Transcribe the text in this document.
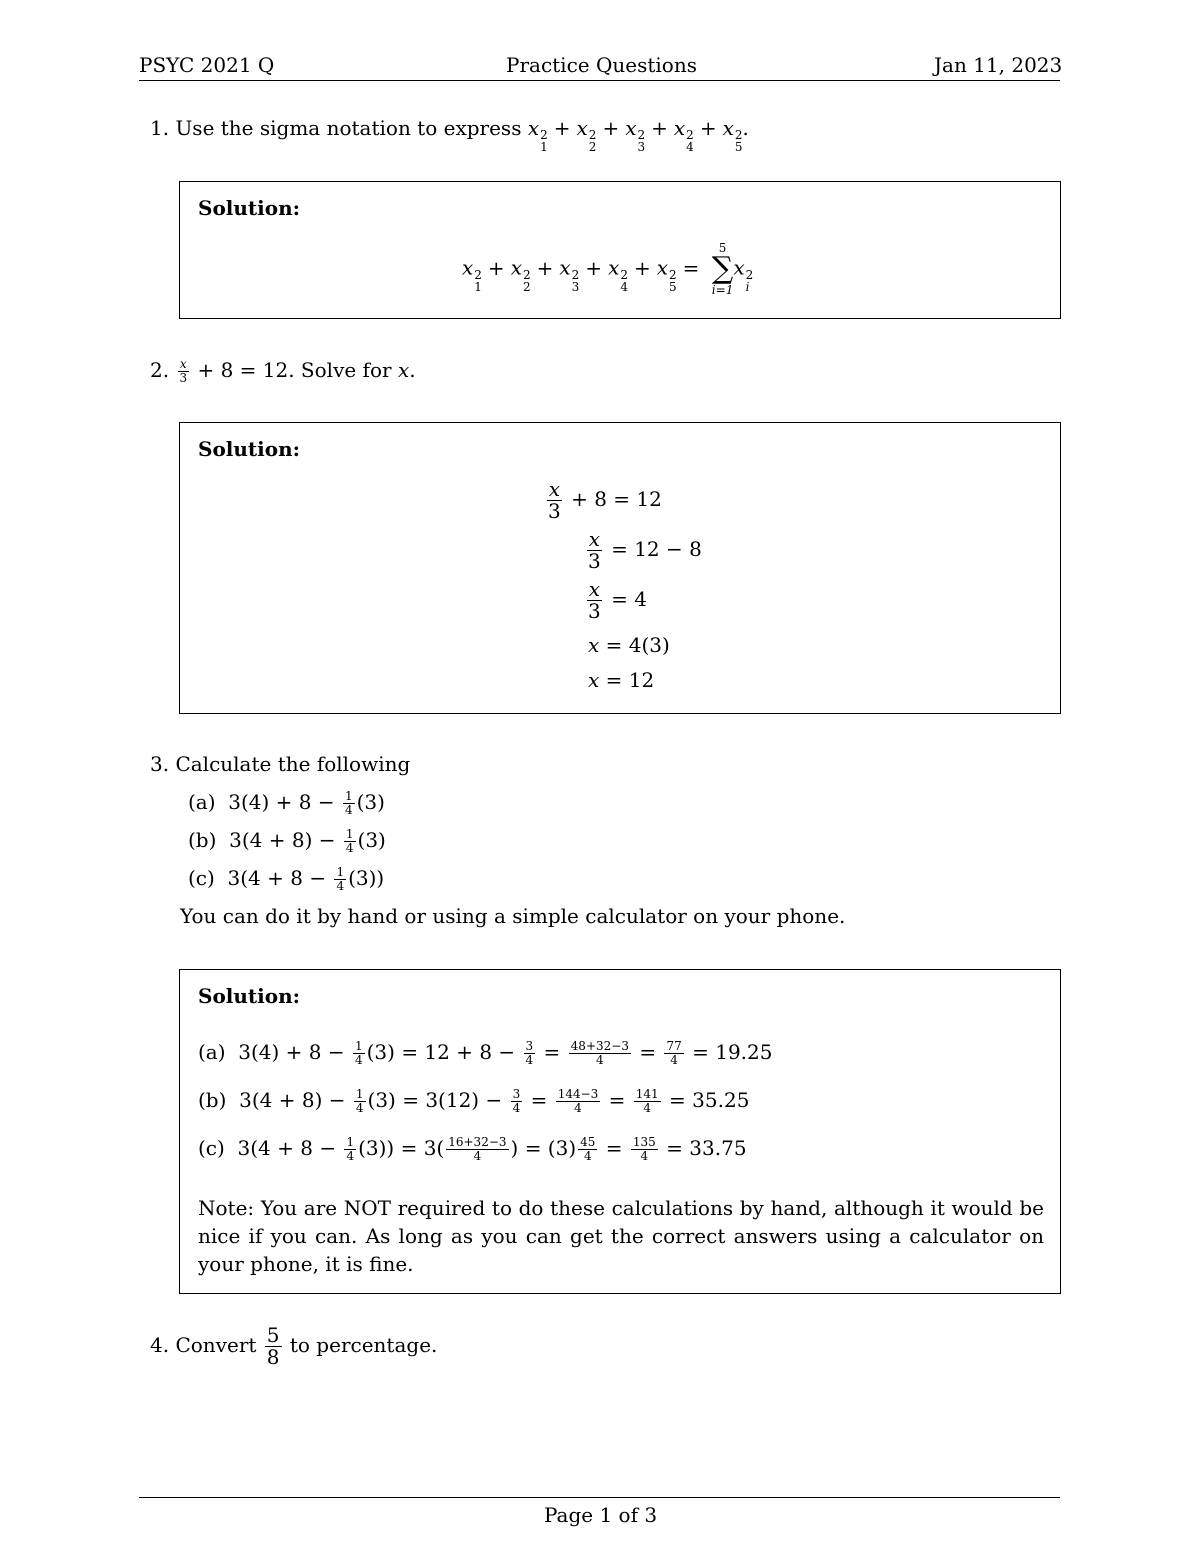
PSYC 2021 Q	Practice Questions	Jan 11, 2023
1. Use the sigma notation to express x 2
1
+ x 2
2
+ x 2
3
+ x 2
4
+ x 2
5
.
Solution:
x 2
1
+ x 2
2
+ x 2
3
+ x 2
4
+ x 2
5
=
5
∑
i=1
x 2
i
2. $\frac{x}{3} + 8 = 12$. Solve for x.
Solution:
$\frac{x}{3} + 8 = 12$
$\frac{x}{3} = 12 - 8$
$\frac{x}{3} = 4$
x = 4(3)
x = 12
3. Calculate the following
(a)  $3(4) + 8 - \frac{1}{4} (3)$
(b)  $3(4 + 8) - \frac{1}{4} (3)$
(c)  $3(4 + 8 - \frac{1}{4} (3))$
You can do it by hand or using a simple calculator on your phone.
Solution:
(a)  $3(4) + 8 - \frac{1}{4} (3) = 12 + 8 - \frac{3}{4} = \frac{48+32-3}{4} = \frac{77}{4} = 19.25$
(b)  $3(4 + 8) - \frac{1}{4} (3) = 3(12) - \frac{3}{4} = \frac{144-3}{4} = \frac{141}{4} = 35.25$
(c)  $3(4 + 8 - \frac{1}{4} (3)) = 3( \frac{16+32-3}{4}$ ) = $(3) \frac{45}{4} = \frac{135}{4} = 33.75$
Note: You are NOT required to do these calculations by hand, although it would be nice if you can. As long as you can get the correct answers using a calculator on your phone, it is fine.
4. Convert $\frac{5}{8}$ to percentage.
Page 1 of 3
